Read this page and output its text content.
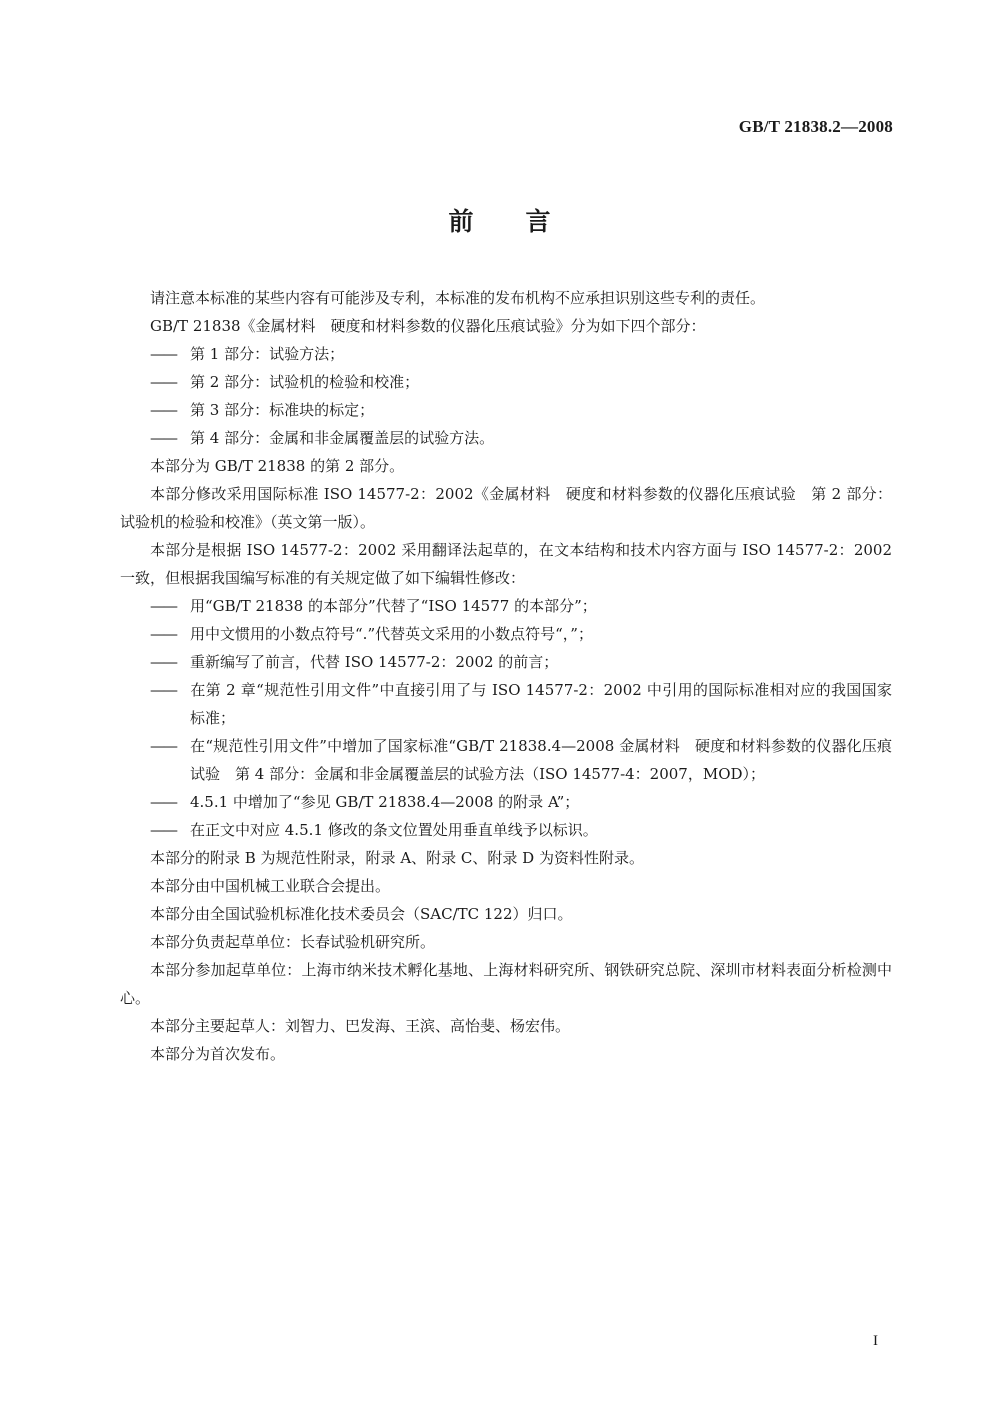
GB/T 21838.2—2008
前言

请注意本标准的某些内容有可能涉及专利，本标准的发布机构不应承担识别这些专利的责任。

GB/T 21838《金属材料　硬度和材料参数的仪器化压痕试验》分为如下四个部分：

—— 第 1 部分：试验方法；

—— 第 2 部分：试验机的检验和校准；

—— 第 3 部分：标准块的标定；

—— 第 4 部分：金属和非金属覆盖层的试验方法。

本部分为 GB/T 21838 的第 2 部分。

本部分修改采用国际标准 ISO 14577-2：2002《金属材料　硬度和材料参数的仪器化压痕试验　第 2 部分：试验机的检验和校准》（英文第一版）。

本部分是根据 ISO 14577-2：2002 采用翻译法起草的，在文本结构和技术内容方面与 ISO 14577-2：2002 一致，但根据我国编写标准的有关规定做了如下编辑性修改：

—— 用“GB/T 21838 的本部分”代替了“ISO 14577 的本部分”；

—— 用中文惯用的小数点符号“.”代替英文采用的小数点符号“，”；

—— 重新编写了前言，代替 ISO 14577-2：2002 的前言；

—— 在第 2 章“规范性引用文件”中直接引用了与 ISO 14577-2：2002 中引用的国际标准相对应的我国国家标准；

—— 在“规范性引用文件”中增加了国家标准“GB/T 21838.4—2008 金属材料　硬度和材料参数的仪器化压痕试验　第 4 部分：金属和非金属覆盖层的试验方法（ISO 14577-4：2007，MOD）；

—— 4.5.1 中增加了“参见 GB/T 21838.4—2008 的附录 A”；

—— 在正文中对应 4.5.1 修改的条文位置处用垂直单线予以标识。

本部分的附录 B 为规范性附录，附录 A、附录 C、附录 D 为资料性附录。

本部分由中国机械工业联合会提出。

本部分由全国试验机标准化技术委员会（SAC/TC 122）归口。

本部分负责起草单位：长春试验机研究所。

本部分参加起草单位：上海市纳米技术孵化基地、上海材料研究所、钢铁研究总院、深圳市材料表面分析检测中心。

本部分主要起草人：刘智力、巴发海、王滨、高怡斐、杨宏伟。

本部分为首次发布。

I
